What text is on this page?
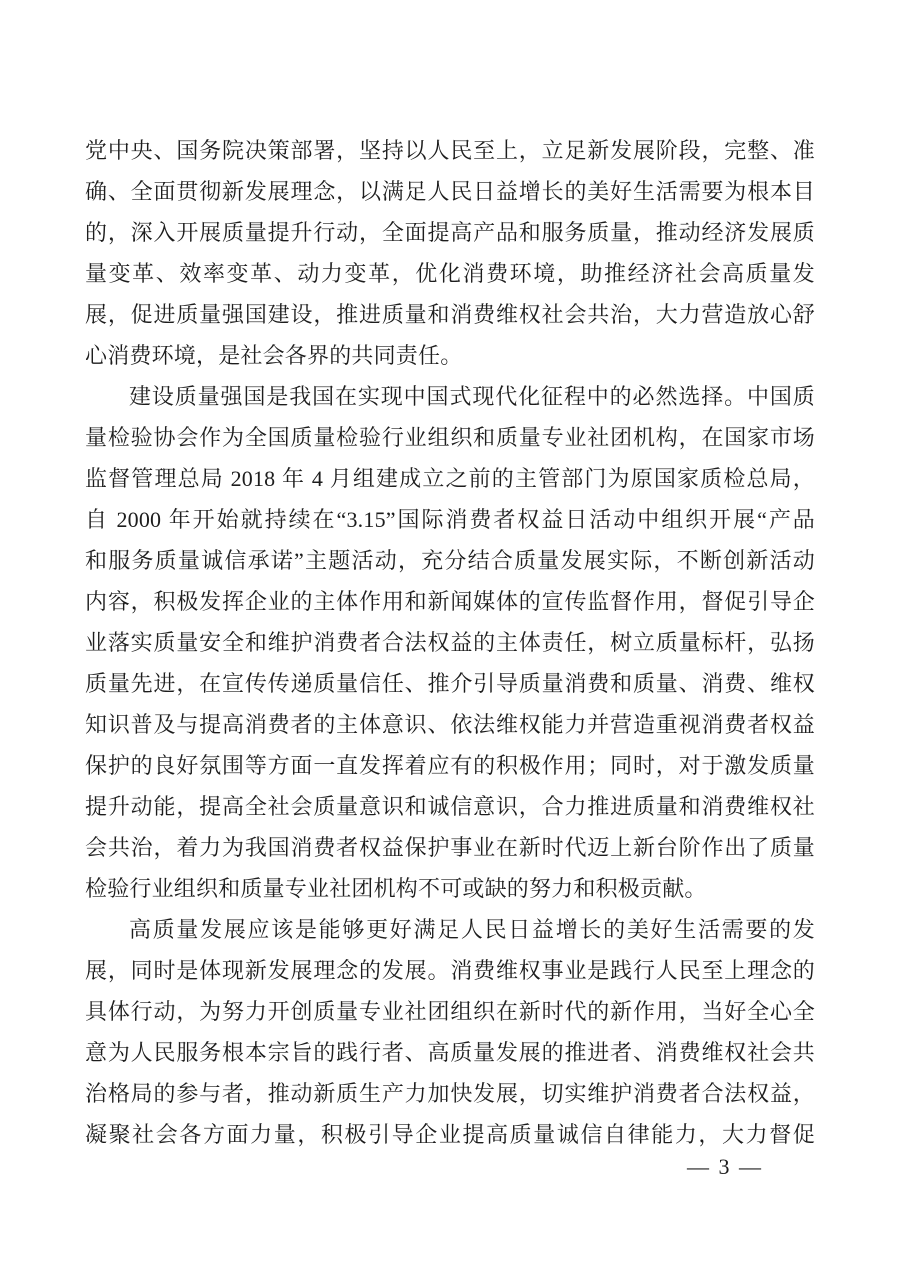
党中央、国务院决策部署，坚持以人民至上，立足新发展阶段，完整、准
确、全面贯彻新发展理念，以满足人民日益增长的美好生活需要为根本目
的，深入开展质量提升行动，全面提高产品和服务质量，推动经济发展质
量变革、效率变革、动力变革，优化消费环境，助推经济社会高质量发
展，促进质量强国建设，推进质量和消费维权社会共治，大力营造放心舒
心消费环境，是社会各界的共同责任。
建设质量强国是我国在实现中国式现代化征程中的必然选择。中国质
量检验协会作为全国质量检验行业组织和质量专业社团机构，在国家市场
监督管理总局 2018 年 4 月组建成立之前的主管部门为原国家质检总局，
自 2000 年开始就持续在“3.15”国际消费者权益日活动中组织开展“产品
和服务质量诚信承诺”主题活动，充分结合质量发展实际，不断创新活动
内容，积极发挥企业的主体作用和新闻媒体的宣传监督作用，督促引导企
业落实质量安全和维护消费者合法权益的主体责任，树立质量标杆，弘扬
质量先进，在宣传传递质量信任、推介引导质量消费和质量、消费、维权
知识普及与提高消费者的主体意识、依法维权能力并营造重视消费者权益
保护的良好氛围等方面一直发挥着应有的积极作用；同时，对于激发质量
提升动能，提高全社会质量意识和诚信意识，合力推进质量和消费维权社
会共治，着力为我国消费者权益保护事业在新时代迈上新台阶作出了质量
检验行业组织和质量专业社团机构不可或缺的努力和积极贡献。
高质量发展应该是能够更好满足人民日益增长的美好生活需要的发
展，同时是体现新发展理念的发展。消费维权事业是践行人民至上理念的
具体行动，为努力开创质量专业社团组织在新时代的新作用，当好全心全
意为人民服务根本宗旨的践行者、高质量发展的推进者、消费维权社会共
治格局的参与者，推动新质生产力加快发展，切实维护消费者合法权益，
凝聚社会各方面力量，积极引导企业提高质量诚信自律能力，大力督促
— 3 —
